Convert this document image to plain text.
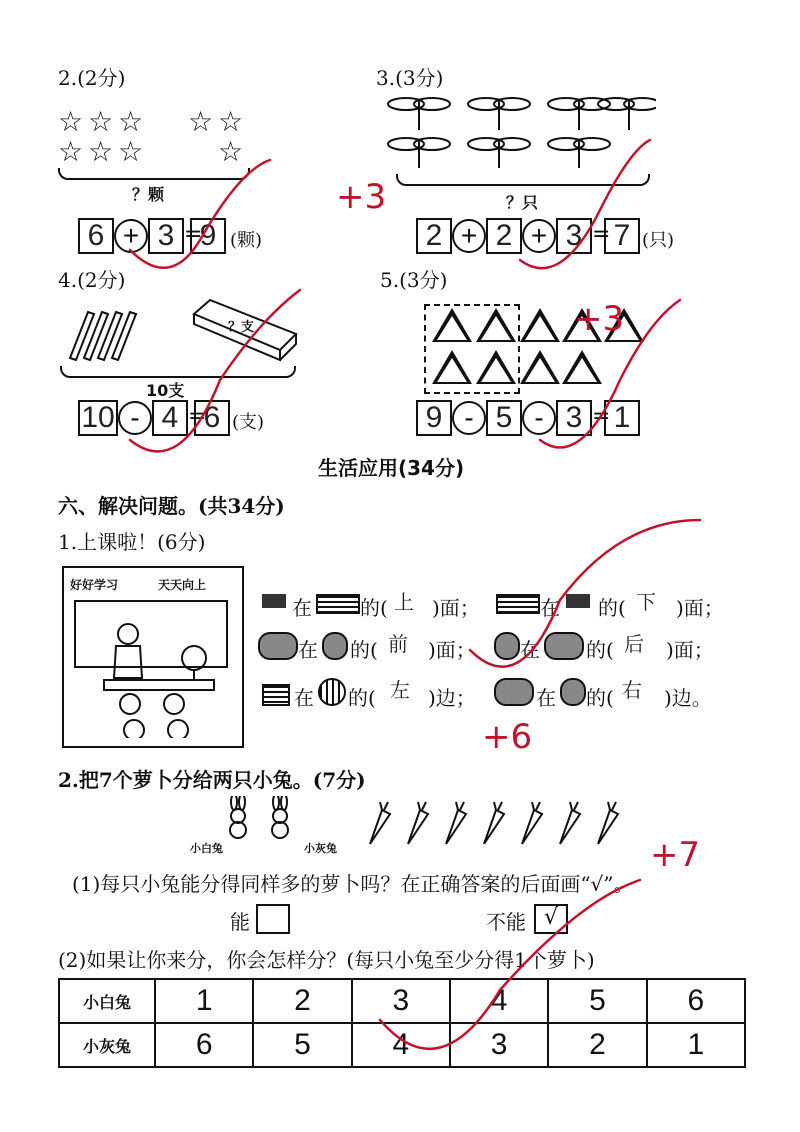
2.(2分)
☆ ☆ ☆
☆ ☆ ☆
☆ ☆
☆
？颗
6 + 3 =
9 (颗)
3.(3分)
？只
2 + 2 + 3 = 7 (只)
4.(2分)
？支
10支
10 - 4 =
6 (支)
5.(3分)
9 - 5 - 3 = 1
生活应用(34分)
六、解决问题。(共34分)
1.上课啦！(6分)
好好学习	天天向上
在 的( 上 )面；	在 的( 下 )面；
在 的( 前 )面； 在 的( 后 )面；
在 的( 左 )边；	在 的( 右 )边。
2.把7个萝卜分给两只小兔。(7分)
小白兔	小灰兔
(1)每只小兔能分得同样多的萝卜吗？在正确答案的后面画“√”。
能	不能 √
(2)如果让你来分，你会怎样分？(每只小兔至少分得1个萝卜)
小白兔	1	2	3	4	5	6
小灰兔	6	5	4	3	2	1
+3
+3
+6
+7
